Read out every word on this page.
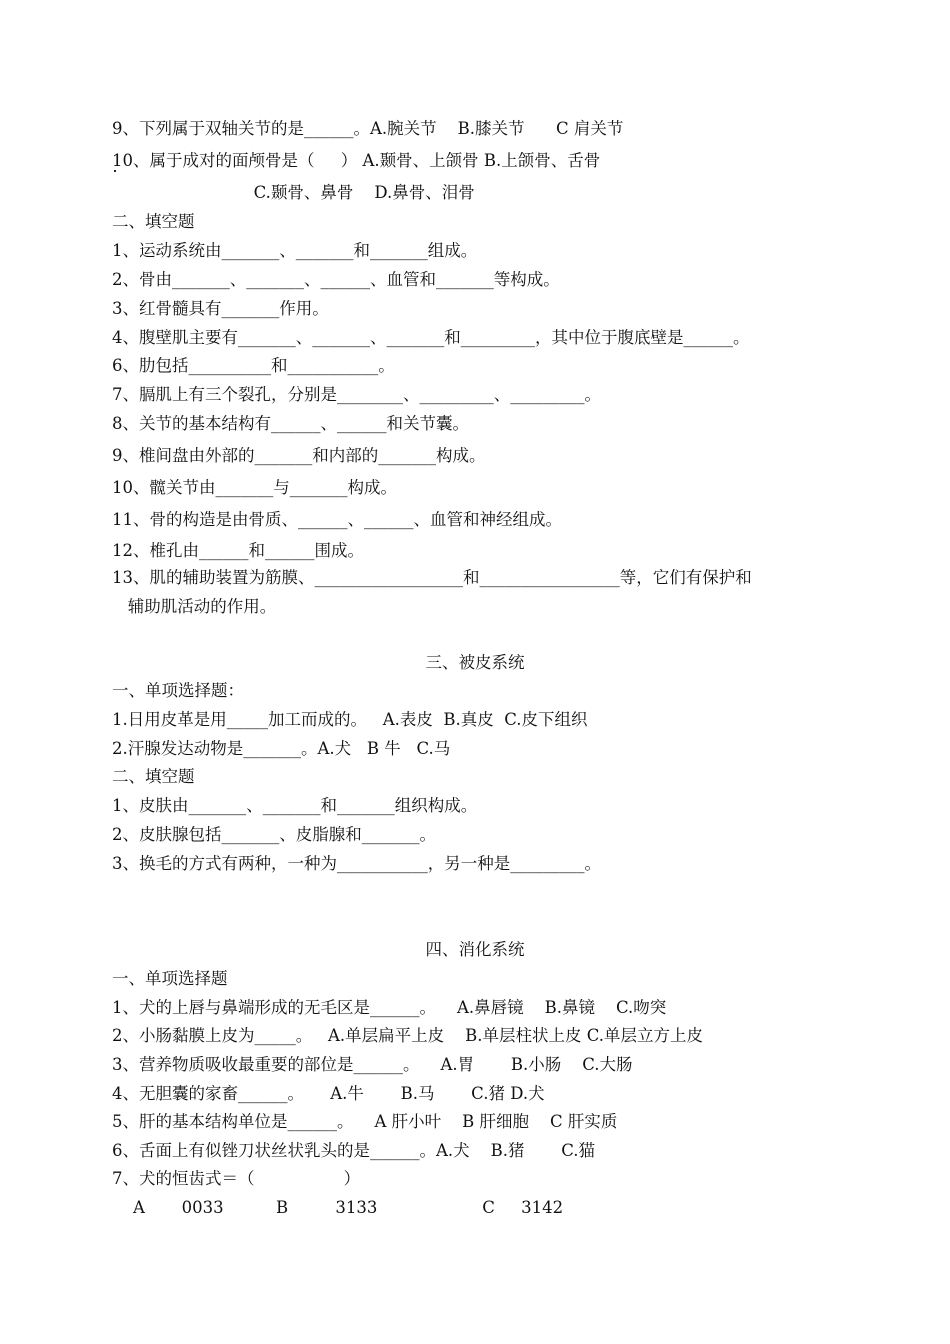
9、下列属于双轴关节的是______。A.腕关节    B.膝关节      C 肩关节

10、属于成对的面颅骨是（     ） A.颞骨、上颌骨 B.上颌骨、舌骨

C.颞骨、鼻骨    D.鼻骨、泪骨

二、填空题

1、运动系统由_______、_______和_______组成。

2、骨由_______、_______、______、血管和_______等构成。

3、红骨髓具有_______作用。

4、腹壁肌主要有_______、_______、_______和_________，其中位于腹底壁是______。

6、肋包括__________和___________。

7、膈肌上有三个裂孔，分别是________、_________、_________。

8、关节的基本结构有______、______和关节囊。

9、椎间盘由外部的_______和内部的_______构成。

10、髋关节由_______与_______构成。

11、骨的构造是由骨质、______、______、血管和神经组成。

12、椎孔由______和______围成。

13、肌的辅助装置为筋膜、__________________和_________________等，它们有保护和

辅助肌活动的作用。

三、被皮系统

一、单项选择题：

1.日用皮革是用_____加工而成的。   A.表皮  B.真皮  C.皮下组织

2.汗腺发达动物是_______。A.犬   B 牛   C.马

二、填空题

1、皮肤由_______、_______和_______组织构成。

2、皮肤腺包括_______、皮脂腺和_______。

3、换毛的方式有两种，一种为___________，另一种是_________。

四、消化系统

一、单项选择题

1、犬的上唇与鼻端形成的无毛区是______。    A.鼻唇镜    B.鼻镜    C.吻突

2、小肠黏膜上皮为_____。   A.单层扁平上皮    B.单层柱状上皮 C.单层立方上皮

3、营养物质吸收最重要的部位是______。    A.胃       B.小肠    C.大肠

4、无胆囊的家畜______。     A.牛       B.马       C.猪 D.犬

5、肝的基本结构单位是______。    A 肝小叶    B 肝细胞    C 肝实质

6、舌面上有似锉刀状丝状乳头的是______。A.犬    B.猪       C.猫

7、犬的恒齿式＝（                 ）

A       0033          B         3133                    C     3142
